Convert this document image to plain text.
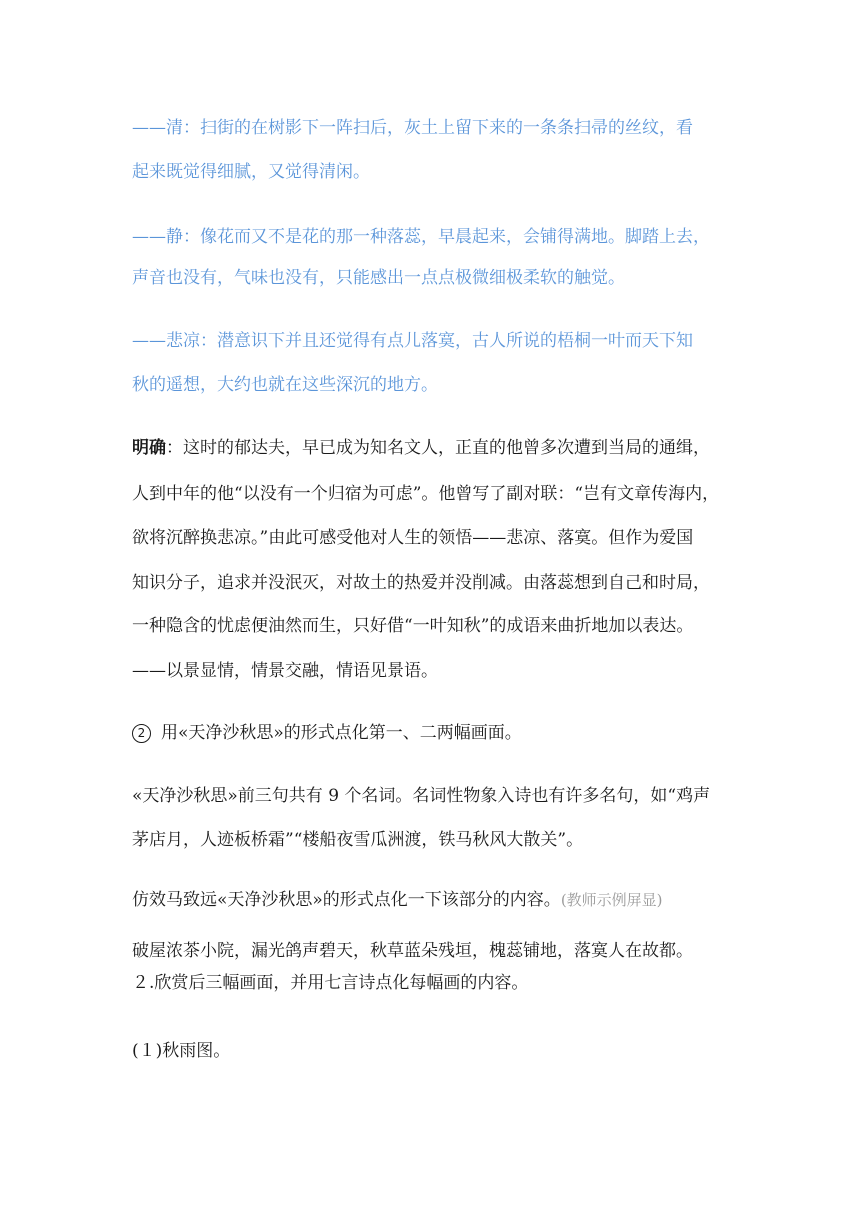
——清：扫街的在树影下一阵扫后，灰土上留下来的一条条扫帚的丝纹，看

起来既觉得细腻，又觉得清闲。

——静：像花而又不是花的那一种落蕊，早晨起来，会铺得满地。脚踏上去，

声音也没有，气味也没有，只能感出一点点极微细极柔软的触觉。

——悲凉：潜意识下并且还觉得有点儿落寞，古人所说的梧桐一叶而天下知

秋的遥想，大约也就在这些深沉的地方。

明确：这时的郁达夫，早已成为知名文人，正直的他曾多次遭到当局的通缉，

人到中年的他“以没有一个归宿为可虑”。他曾写了副对联：“岂有文章传海内，

欲将沉醉换悲凉。”由此可感受他对人生的领悟——悲凉、落寞。但作为爱国

知识分子，追求并没泯灭，对故土的热爱并没削减。由落蕊想到自己和时局，

一种隐含的忧虑便油然而生，只好借“一叶知秋”的成语来曲折地加以表达。

——以景显情，情景交融，情语见景语。

2 用«天净沙秋思»的形式点化第一、二两幅画面。

«天净沙秋思»前三句共有 9 个名词。名词性物象入诗也有许多名句，如“鸡声

茅店月，人迹板桥霜”“楼船夜雪瓜洲渡，铁马秋风大散关”。

仿效马致远«天净沙秋思»的形式点化一下该部分的内容。(教师示例屏显)

破屋浓茶小院，漏光鸽声碧天，秋草蓝朵残垣，槐蕊铺地，落寞人在故都。

２.欣赏后三幅画面，并用七言诗点化每幅画的内容。

(１)秋雨图。
